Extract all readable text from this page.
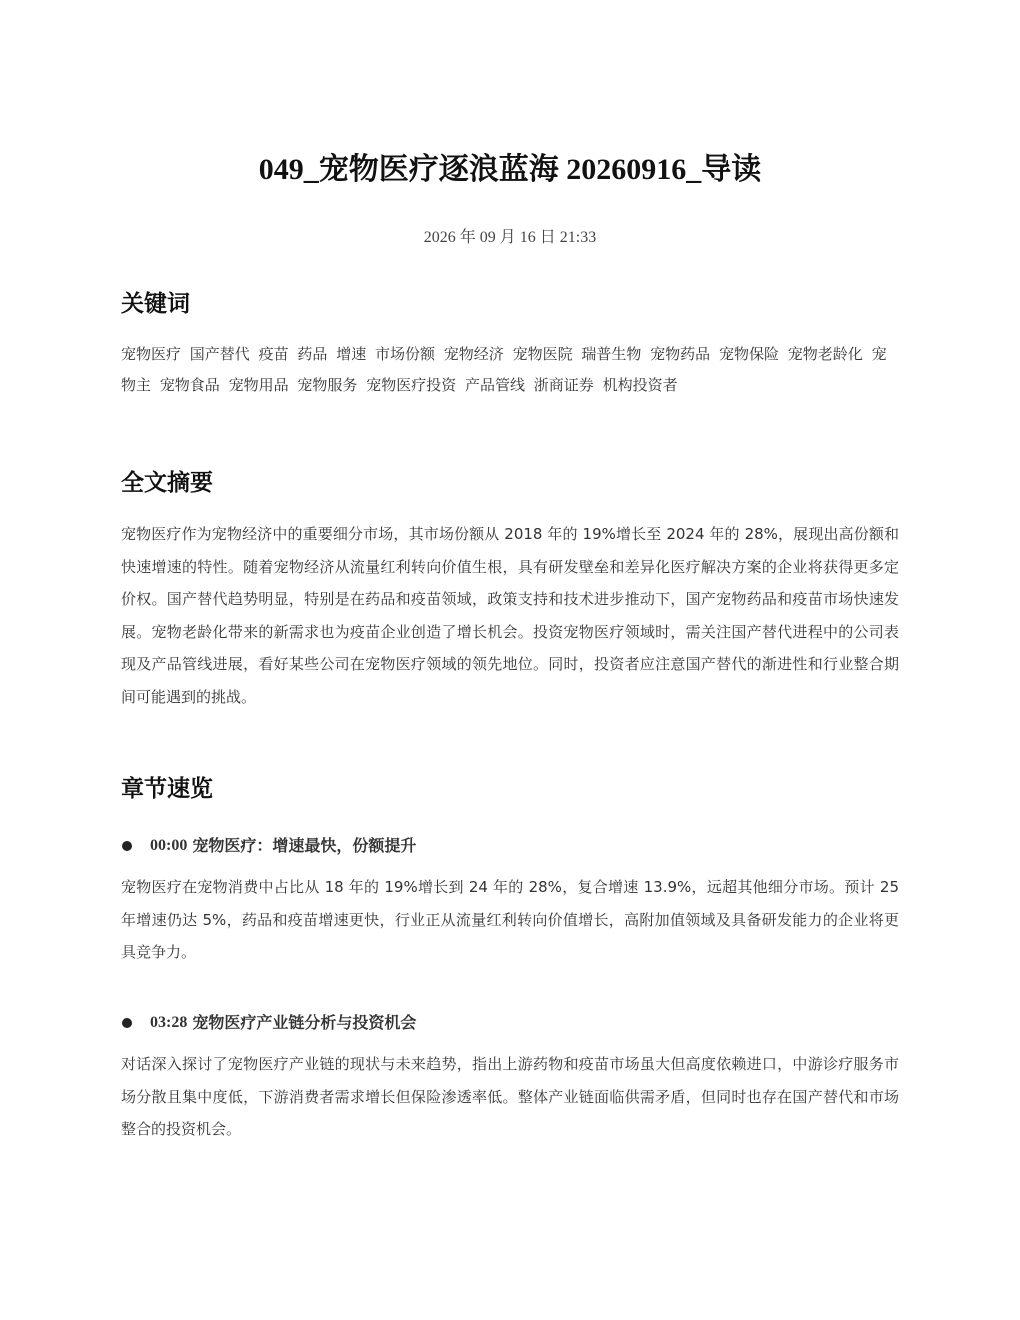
049_宠物医疗逐浪蓝海 20260916_导读
2026 年 09 月 16 日 21:33
关键词
宠物医疗 国产替代 疫苗 药品 增速 市场份额 宠物经济 宠物医院 瑞普生物 宠物药品 宠物保险 宠物老龄化 宠物主 宠物食品 宠物用品 宠物服务 宠物医疗投资 产品管线 浙商证券 机构投资者
全文摘要

宠物医疗作为宠物经济中的重要细分市场，其市场份额从 2018 年的 19%增长至 2024 年的 28%，展现出高份额和快速增速的特性。随着宠物经济从流量红利转向价值生根，具有研发壁垒和差异化医疗解决方案的企业将获得更多定价权。国产替代趋势明显，特别是在药品和疫苗领域，政策支持和技术进步推动下，国产宠物药品和疫苗市场快速发展。宠物老龄化带来的新需求也为疫苗企业创造了增长机会。投资宠物医疗领域时，需关注国产替代进程中的公司表现及产品管线进展，看好某些公司在宠物医疗领域的领先地位。同时，投资者应注意国产替代的渐进性和行业整合期间可能遇到的挑战。

章节速览
00:00 宠物医疗：增速最快，份额提升

宠物医疗在宠物消费中占比从 18 年的 19%增长到 24 年的 28%，复合增速 13.9%，远超其他细分市场。预计 25 年增速仍达 5%，药品和疫苗增速更快，行业正从流量红利转向价值增长，高附加值领域及具备研发能力的企业将更具竞争力。

03:28 宠物医疗产业链分析与投资机会

对话深入探讨了宠物医疗产业链的现状与未来趋势，指出上游药物和疫苗市场虽大但高度依赖进口，中游诊疗服务市场分散且集中度低，下游消费者需求增长但保险渗透率低。整体产业链面临供需矛盾，但同时也存在国产替代和市场整合的投资机会。
